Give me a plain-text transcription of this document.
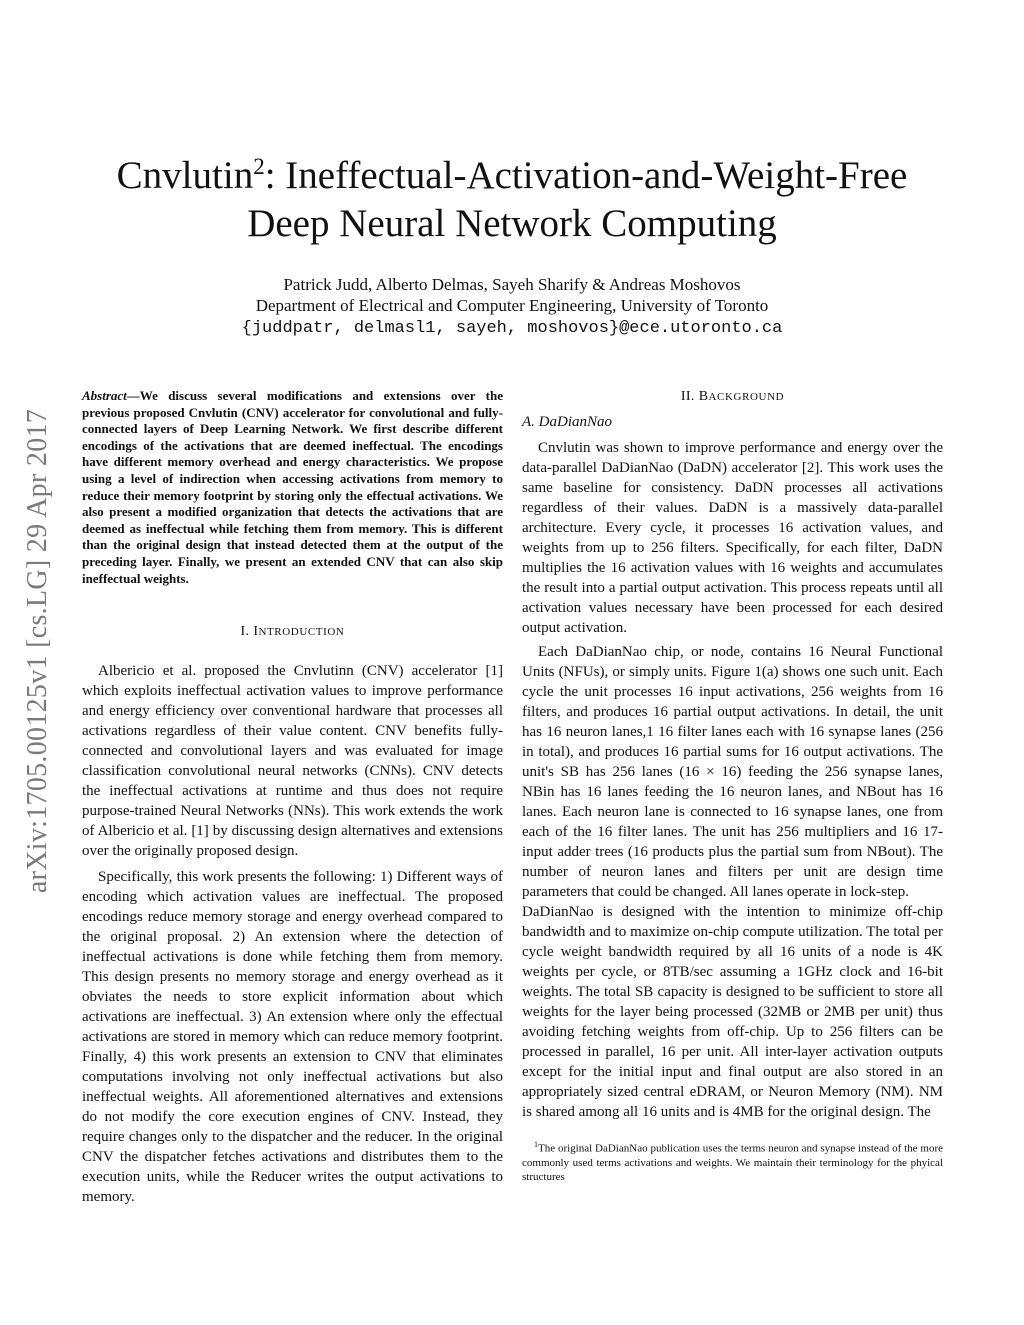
arXiv:1705.00125v1 [cs.LG] 29 Apr 2017
Cnvlutin$^2$: Ineffectual-Activation-and-Weight-Free
Deep Neural Network Computing
Patrick Judd, Alberto Delmas, Sayeh Sharify & Andreas Moshovos
Department of Electrical and Computer Engineering, University of Toronto
{juddpatr, delmasl1, sayeh, moshovos}@ece.utoronto.ca

Abstract—We discuss several modifications and extensions over the previous proposed Cnvlutin (CNV) accelerator for convolutional and fully-connected layers of Deep Learning Network. We first describe different encodings of the activations that are deemed ineffectual. The encodings have different memory overhead and energy characteristics. We propose using a level of indirection when accessing activations from memory to reduce their memory footprint by storing only the effectual activations. We also present a modified organization that detects the activations that are deemed as ineffectual while fetching them from memory. This is different than the original design that instead detected them at the output of the preceding layer. Finally, we present an extended CNV that can also skip ineffectual weights.

I. INTRODUCTION

Albericio et al. proposed the Cnvlutinn (CNV) accelerator [1] which exploits ineffectual activation values to improve performance and energy efficiency over conventional hardware that processes all activations regardless of their value content. CNV benefits fully-connected and convolutional layers and was evaluated for image classification convolutional neural networks (CNNs). CNV detects the ineffectual activations at runtime and thus does not require purpose-trained Neural Networks (NNs). This work extends the work of Albericio et al. [1] by discussing design alternatives and extensions over the originally proposed design.

Specifically, this work presents the following: 1) Different ways of encoding which activation values are ineffectual. The proposed encodings reduce memory storage and energy overhead compared to the original proposal. 2) An extension where the detection of ineffectual activations is done while fetching them from memory. This design presents no memory storage and energy overhead as it obviates the needs to store explicit information about which activations are ineffectual. 3) An extension where only the effectual activations are stored in memory which can reduce memory footprint. Finally, 4) this work presents an extension to CNV that eliminates computations involving not only ineffectual activations but also ineffectual weights. All aforementioned alternatives and extensions do not modify the core execution engines of CNV. Instead, they require changes only to the dispatcher and the reducer. In the original CNV the dispatcher fetches activations and distributes them to the execution units, while the Reducer writes the output activations to memory.

II. BACKGROUND
A. DaDianNao

Cnvlutin was shown to improve performance and energy over the data-parallel DaDianNao (DaDN) accelerator [2]. This work uses the same baseline for consistency. DaDN processes all activations regardless of their values. DaDN is a massively data-parallel architecture. Every cycle, it processes 16 activation values, and weights from up to 256 filters. Specifically, for each filter, DaDN multiplies the 16 activation values with 16 weights and accumulates the result into a partial output activation. This process repeats until all activation values necessary have been processed for each desired output activation.

Each DaDianNao chip, or node, contains 16 Neural Functional Units (NFUs), or simply units. Figure 1(a) shows one such unit. Each cycle the unit processes 16 input activations, 256 weights from 16 filters, and produces 16 partial output activations. In detail, the unit has 16 neuron lanes,1 16 filter lanes each with 16 synapse lanes (256 in total), and produces 16 partial sums for 16 output activations. The unit's SB has 256 lanes (16 × 16) feeding the 256 synapse lanes, NBin has 16 lanes feeding the 16 neuron lanes, and NBout has 16 lanes. Each neuron lane is connected to 16 synapse lanes, one from each of the 16 filter lanes. The unit has 256 multipliers and 16 17-input adder trees (16 products plus the partial sum from NBout). The number of neuron lanes and filters per unit are design time parameters that could be changed. All lanes operate in lock-step.

DaDianNao is designed with the intention to minimize off-chip bandwidth and to maximize on-chip compute utilization. The total per cycle weight bandwidth required by all 16 units of a node is 4K weights per cycle, or 8TB/sec assuming a 1GHz clock and 16-bit weights. The total SB capacity is designed to be sufficient to store all weights for the layer being processed (32MB or 2MB per unit) thus avoiding fetching weights from off-chip. Up to 256 filters can be processed in parallel, 16 per unit. All inter-layer activation outputs except for the initial input and final output are also stored in an appropriately sized central eDRAM, or Neuron Memory (NM). NM is shared among all 16 units and is 4MB for the original design. The

$^1$The original DaDianNao publication uses the terms neuron and synapse instead of the more commonly used terms activations and weights. We maintain their terminology for the phyical structures
